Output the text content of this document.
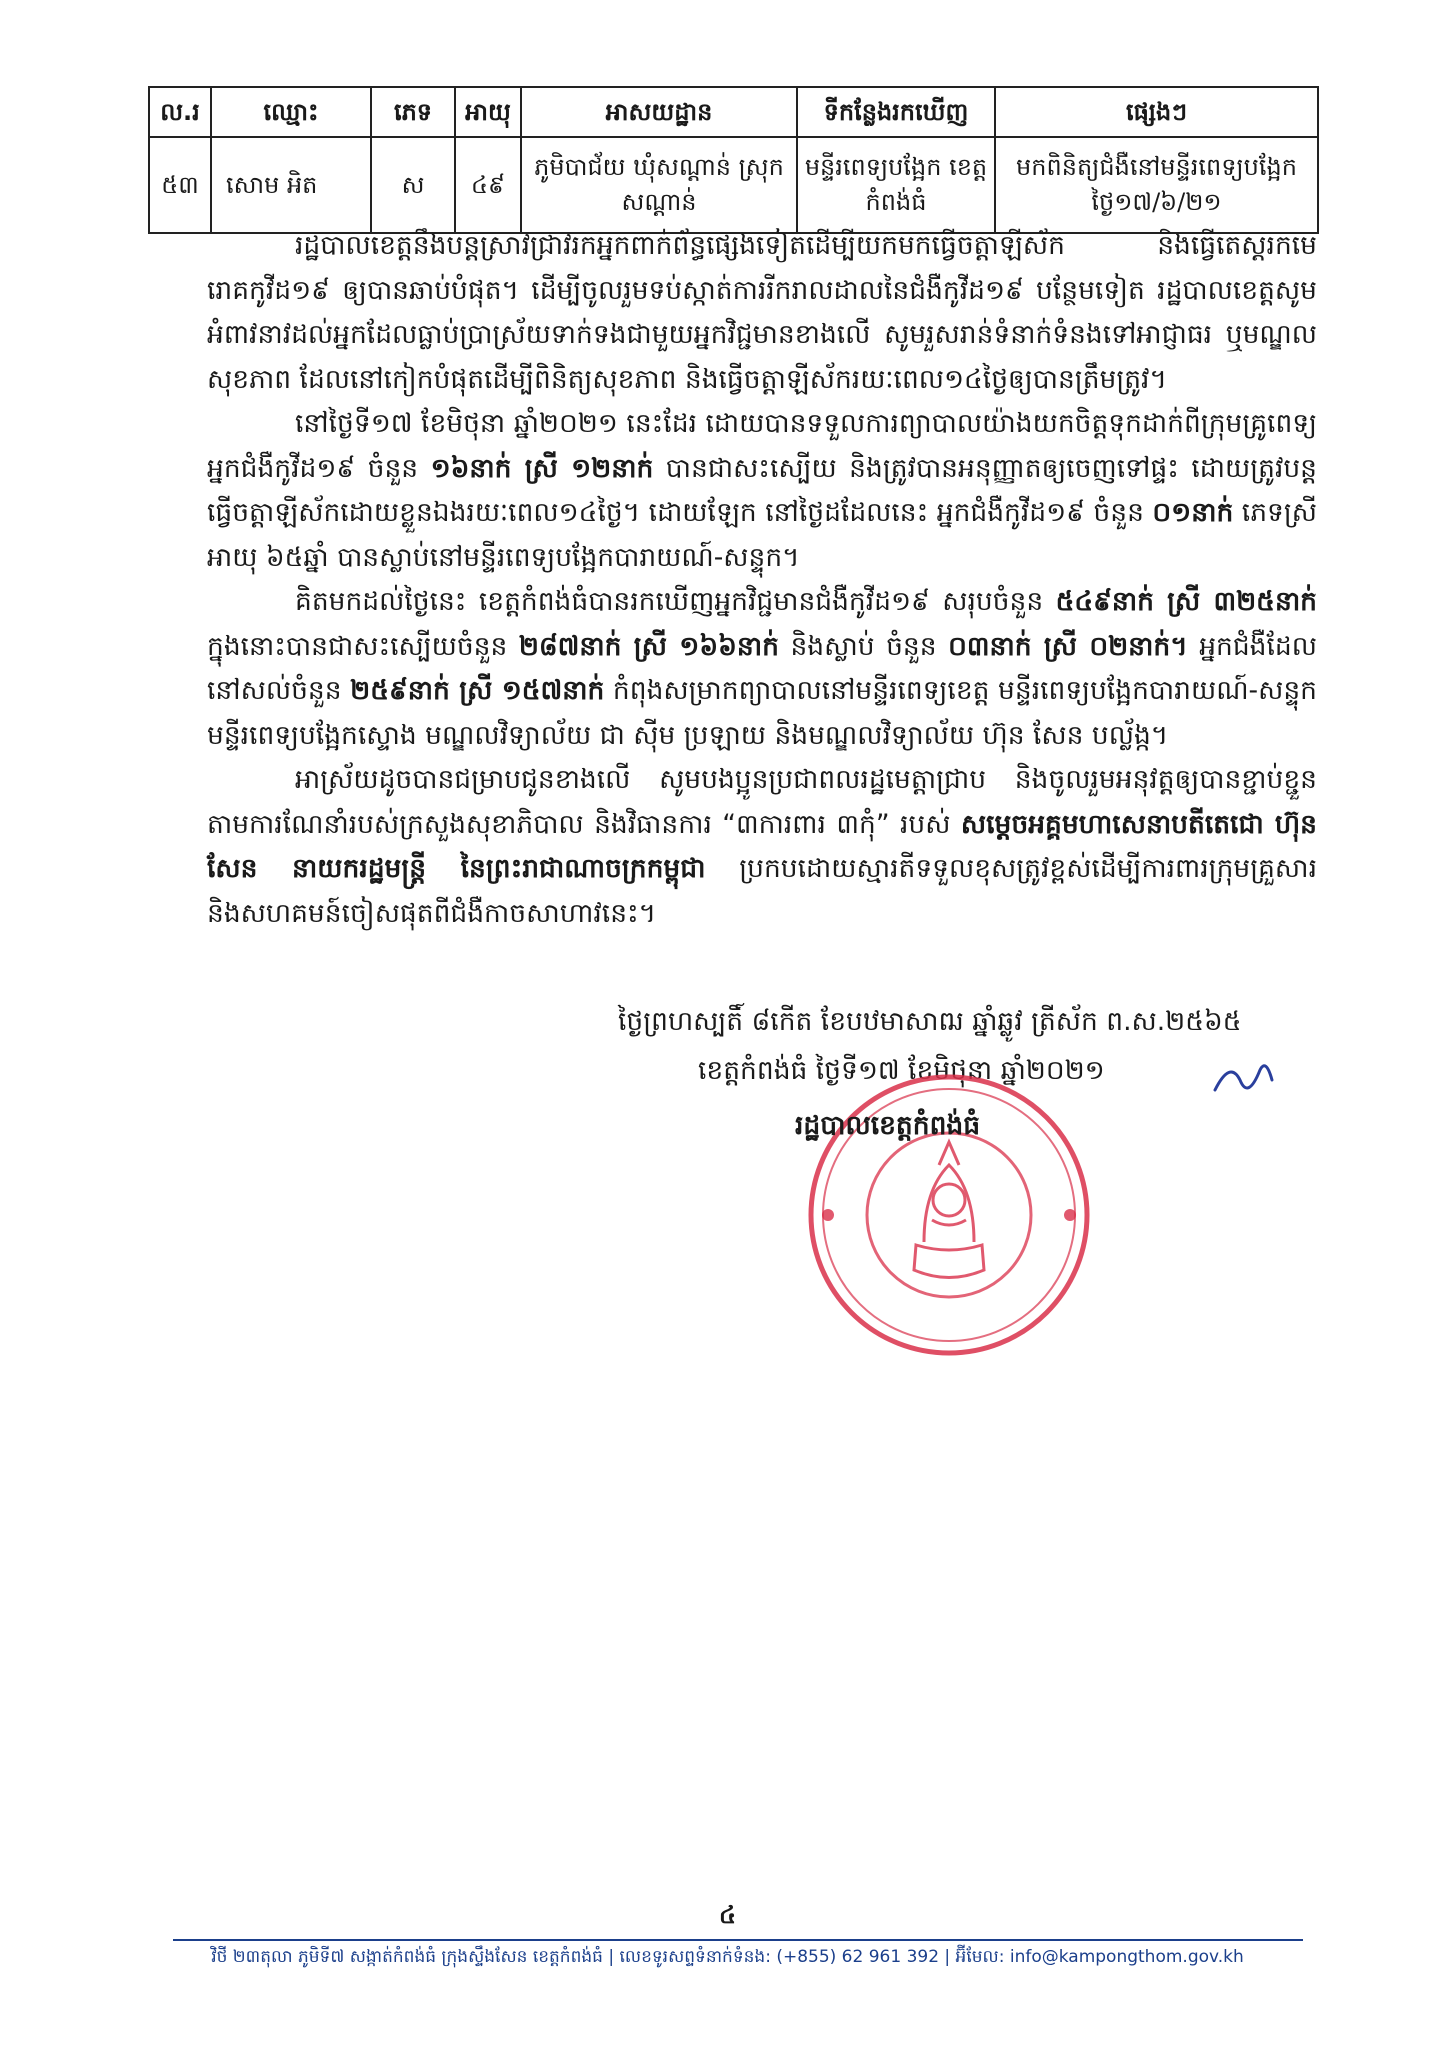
ល.រ	ឈ្មោះ	ភេទ	អាយុ	អាសយដ្ឋាន	ទីកន្លែងរកឃើញ	ផ្សេងៗ
៥៣	សោម អិត	ស	៤៩	ភូមិបាជ័យ ឃុំសណ្តាន់ ស្រុកសណ្តាន់	មន្ទីរពេទ្យបង្អែក ខេត្តកំពង់ធំ	មកពិនិត្យជំងឺនៅមន្ទីរពេទ្យបង្អែក ថ្ងៃ១៧/៦/២១

រដ្ឋបាលខេត្តនឹងបន្តស្រាវជ្រាវរកអ្នកពាក់ព័ន្ធផ្សេងទៀតដើម្បីយកមកធ្វើចត្តាឡីស័ក និងធ្វើតេស្តរកមេរោគកូវីដ១៩ ឲ្យបានឆាប់បំផុត។ ដើម្បីចូលរួមទប់ស្កាត់ការរីករាលដាលនៃជំងឺកូវីដ១៩ បន្ថែមទៀត រដ្ឋបាលខេត្តសូមអំពាវនាវដល់អ្នកដែលធ្លាប់ប្រាស្រ័យទាក់ទងជាមួយអ្នកវិជ្ជមានខាងលើ សូមរួសរាន់ទំនាក់ទំនងទៅអាជ្ញាធរ ឬមណ្ឌលសុខភាព ដែលនៅកៀកបំផុតដើម្បីពិនិត្យសុខភាព និងធ្វើចត្តាឡីស័ករយៈពេល១៤ថ្ងៃឲ្យបានត្រឹមត្រូវ។

នៅថ្ងៃទី១៧ ខែមិថុនា ឆ្នាំ២០២១ នេះដែរ ដោយបានទទួលការព្យាបាលយ៉ាងយកចិត្តទុកដាក់ពីក្រុមគ្រូពេទ្យ អ្នកជំងឺកូវីដ១៩ ចំនួន ១៦នាក់ ស្រី ១២នាក់ បានជាសះស្បើយ និងត្រូវបានអនុញ្ញាតឲ្យចេញទៅផ្ទះ ដោយត្រូវបន្តធ្វើចត្តាឡីស័កដោយខ្លួនឯងរយៈពេល១៤ថ្ងៃ។ ដោយឡែក នៅថ្ងៃដដែលនេះ អ្នកជំងឺកូវីដ១៩ ចំនួន ០១នាក់ ភេទស្រី អាយុ ៦៥ឆ្នាំ បានស្លាប់នៅមន្ទីរពេទ្យបង្អែកបារាយណ៍-សន្ទុក។

គិតមកដល់ថ្ងៃនេះ ខេត្តកំពង់ធំបានរកឃើញអ្នកវិជ្ជមានជំងឺកូវីដ១៩ សរុបចំនួន ៥៤៩នាក់ ស្រី ៣២៥នាក់ ក្នុងនោះបានជាសះស្បើយចំនួន ២៨៧នាក់ ស្រី ១៦៦នាក់ និងស្លាប់ ចំនួន ០៣នាក់ ស្រី ០២នាក់។ អ្នកជំងឺដែលនៅសល់ចំនួន ២៥៩នាក់ ស្រី ១៥៧នាក់ កំពុងសម្រាកព្យាបាលនៅមន្ទីរពេទ្យខេត្ត មន្ទីរពេទ្យបង្អែកបារាយណ៍-សន្ទុក មន្ទីរពេទ្យបង្អែកស្ទោង មណ្ឌលវិទ្យាល័យ ជា ស៊ីម ប្រឡាយ និងមណ្ឌលវិទ្យាល័យ ហ៊ុន សែន បល្ល័ង្ក។

អាស្រ័យដូចបានជម្រាបជូនខាងលើ សូមបងប្អូនប្រជាពលរដ្ឋមេត្តាជ្រាប និងចូលរួមអនុវត្តឲ្យបានខ្ជាប់ខ្ជួនតាមការណែនាំរបស់ក្រសួងសុខាភិបាល និងវិធានការ “៣ការពារ ៣កុំ” របស់ សម្តេចអគ្គមហាសេនាបតីតេជោ ហ៊ុន សែន នាយករដ្ឋមន្ត្រី នៃព្រះរាជាណាចក្រកម្ពុជា ប្រកបដោយស្មារតីទទួលខុសត្រូវខ្ពស់ដើម្បីការពារក្រុមគ្រួសារ និងសហគមន៍ចៀសផុតពីជំងឺកាចសាហាវនេះ។

ថ្ងៃព្រហស្បតិ៍ ៨កើត ខែបឋមាសាឍ ឆ្នាំឆ្លូវ ត្រីស័ក ព.ស.២៥៦៥
ខេត្តកំពង់ធំ ថ្ងៃទី១៧ ខែមិថុនា ឆ្នាំ២០២១
រដ្ឋបាលខេត្តកំពង់ធំ
៤
វិថី ២៣តុលា ភូមិទី៧ សង្កាត់កំពង់ធំ ក្រុងស្ទឹងសែន ខេត្តកំពង់ធំ | លេខទូរសព្ទទំនាក់ទំនង: (+855) 62 961 392 | អ៊ីមែល: info@kampongthom.gov.kh
